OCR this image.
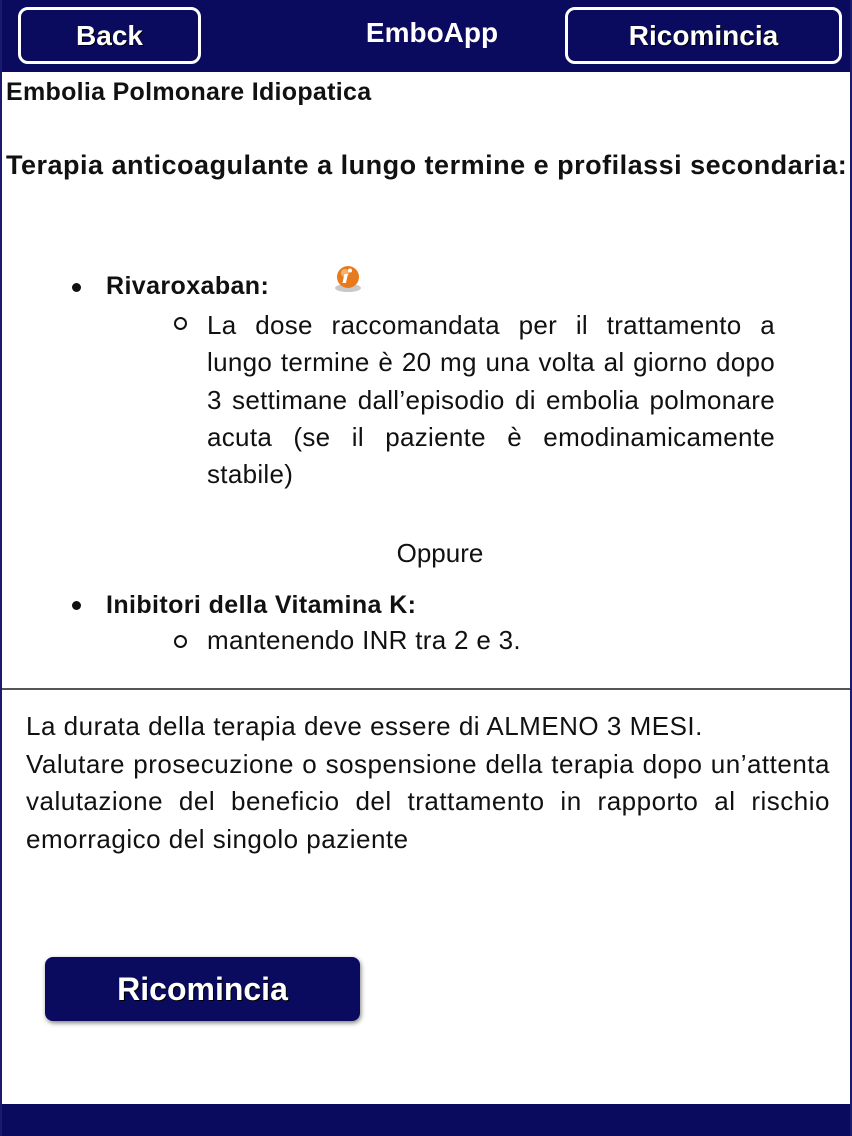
Back	EmboApp	Ricomincia
Embolia Polmonare Idiopatica
Terapia anticoagulante a lungo termine e profilassi secondaria:
Rivaroxaban:
La dose raccomandata per il trattamento a lungo termine è 20 mg una volta al giorno dopo 3 settimane dall’episodio di embolia polmonare acuta (se il paziente è emodinamicamente stabile)
Oppure
Inibitori della Vitamina K:
mantenendo INR tra 2 e 3.
La durata della terapia deve essere di ALMENO 3 MESI.
Valutare prosecuzione o sospensione della terapia dopo un’attenta valutazione del beneficio del trattamento in rapporto al rischio emorragico del singolo paziente
Ricomincia
